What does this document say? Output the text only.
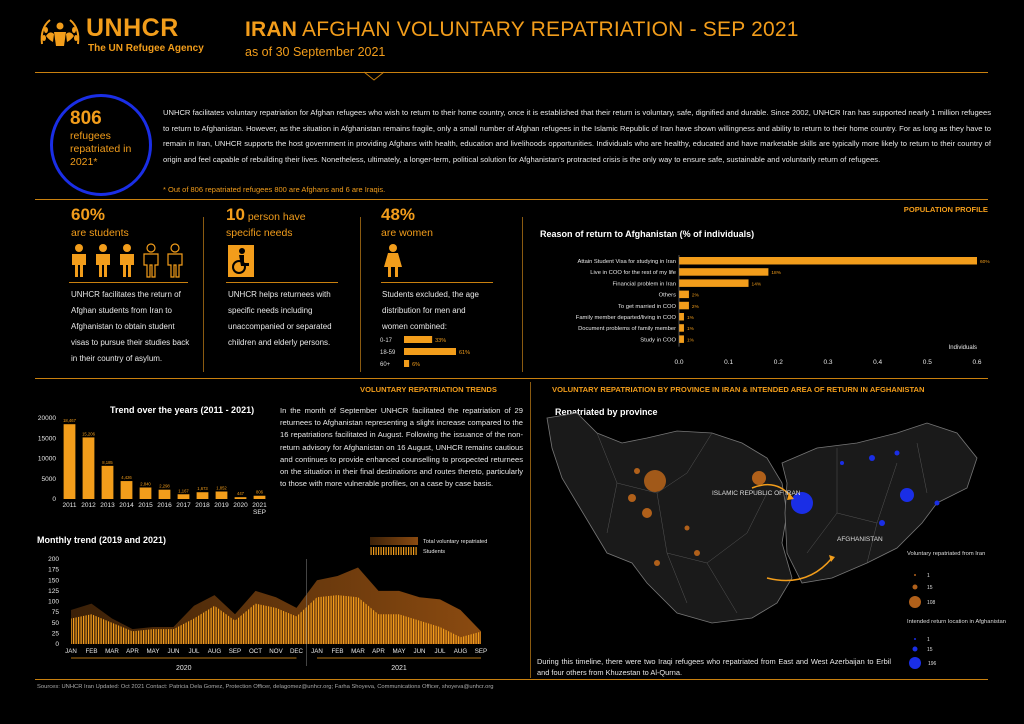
UNHCR
The UN Refugee Agency
IRAN AFGHAN VOLUNTARY REPATRIATION - SEP 2021
as of 30 September 2021
806
refugees repatriated in 2021*
UNHCR facilitates voluntary repatriation for Afghan refugees who wish to return to their home country, once it is established that their return is voluntary, safe, dignified and durable. Since 2002, UNHCR Iran has supported nearly 1 million refugees to return to Afghanistan. However, as the situation in Afghanistan remains fragile, only a small number of Afghan refugees in the Islamic Republic of Iran have shown willingness and ability to return to their home country. For as long as they have to remain in Iran, UNHCR supports the host government in providing Afghans with health, education and livelihoods opportunities. Individuals who are healthy, educated and have marketable skills are typically more likely to return to their country of origin and feel capable of rebuilding their lives. Nonetheless, ultimately, a longer-term, political solution for Afghanistan's protracted crisis is the only way to ensure safe, sustainable and voluntarily return of refugees.
* Out of 806 repatriated refugees 800 are Afghans and 6 are Iraqis.
POPULATION PROFILE
60%
are students
UNHCR facilitates the return of Afghan students from Iran to Afghanistan to obtain student visas to pursue their studies back in their country of asylum.
10 person have
specific needs
UNHCR helps returnees with specific needs including unaccompanied or separated children and elderly persons.
48%
are women
Students excluded, the age distribution for men and women combined:
0-17	33%
18-59	61%
60+	6%
Reason of return to Afghanistan (% of individuals)
Attain Student Visa for studying in Iran	60%
Live in COO for the rest of my life	18%
Financial problem in Iran	14%
Others	2%
To get married in COO	2%
Family member departed/living in COO 1%
Document problems of family member 1%
Study in COO 1%
0.0	0.1	0.2	0.3	0.4	0.5	0.6
Individuals
VOLUNTARY REPATRIATION TRENDS	VOLUNTARY REPATRIATION BY PROVINCE IN IRAN & INTENDED AREA OF RETURN IN AFGHANISTAN
Trend over the years (2011 - 2021)
0
5000
10000
15000
20000 18,467
2011
15,206
2012
8,185
2013
4,426
2014
2,840
2015
2,298
2016
1,167
2017
1,673
2018
1,852
2019
447
2020
806
2021
SEP
In the month of September UNHCR facilitated the repatriation of 29 returnees to Afghanistan representing a slight increase compared to the 16 repatriations facilitated in August. Following the issuance of the non-return advisory for Afghanistan on 16 August, UNHCR remains cautious and continues to provide enhanced counselling to prospected returnees on the situation in their final destinations and routes thereto, particularly to those with more vulnerable profiles, on a case by case basis.
Monthly trend (2019 and 2021)
0
25
50
75
100
125
150
175
200
JAN FEB MAR APR MAY JUN JUL AUG SEP OCT NOV DEC JAN FEB MAR APR MAY JUN JUL AUG SEP
2020	2021
Total voluntary repatriated
Students
Repatriated by province
ISLAMIC REPUBLIC OF IRAN
AFGHANISTAN
Voluntary repatriated from Iran
1
15
108
Intended return location in Afghanistan
1
15
196
During this timeline, there were two Iraqi refugees who repatriated from East and West Azerbaijan to Erbil and four others from Khuzestan to Al-Qurna.
Sources: UNHCR Iran Updated: Oct 2021 Contact: Patricia Dela Gomez, Protection Officer, delagomez@unhcr.org; Farha Shoyeva, Communications Officer, shoyeva@unhcr.org
